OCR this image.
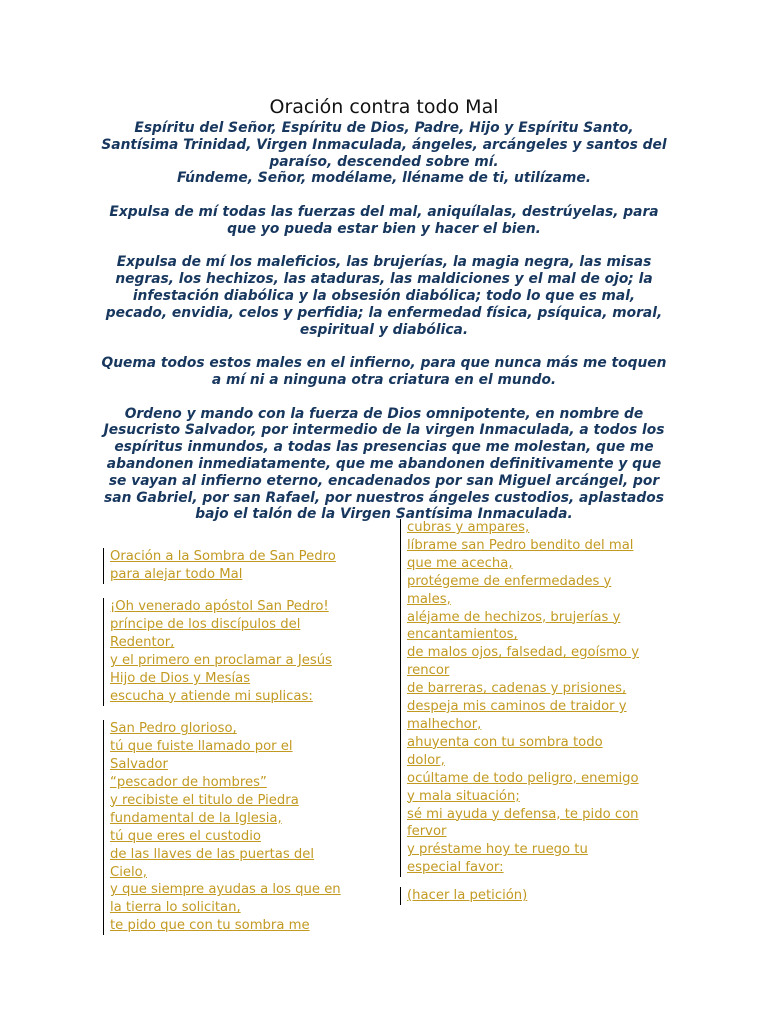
Oración contra todo Mal

Espíritu del Señor, Espíritu de Dios, Padre, Hijo y Espíritu Santo, Santísima Trinidad, Virgen Inmaculada, ángeles, arcángeles y santos del paraíso, descended sobre mí.
Fúndeme, Señor, modélame, lléname de ti, utilízame.

Expulsa de mí todas las fuerzas del mal, aniquílalas, destrúyelas, para que yo pueda estar bien y hacer el bien.

Expulsa de mí los maleficios, las brujerías, la magia negra, las misas negras, los hechizos, las ataduras, las maldiciones y el mal de ojo; la infestación diabólica y la obsesión diabólica; todo lo que es mal, pecado, envidia, celos y perfidia; la enfermedad física, psíquica, moral, espiritual y diabólica.

Quema todos estos males en el infierno, para que nunca más me toquen a mí ni a ninguna otra criatura en el mundo.

Ordeno y mando con la fuerza de Dios omnipotente, en nombre de Jesucristo Salvador, por intermedio de la virgen Inmaculada, a todos los espíritus inmundos, a todas las presencias que me molestan, que me abandonen inmediatamente, que me abandonen definitivamente y que se vayan al infierno eterno, encadenados por san Miguel arcángel, por san Gabriel, por san Rafael, por nuestros ángeles custodios, aplastados bajo el talón de la Virgen Santísima Inmaculada.

Oración a la Sombra de San Pedro
para alejar todo Mal
¡Oh venerado apóstol San Pedro!
príncipe de los discípulos del
Redentor,
y el primero en proclamar a Jesús
Hijo de Dios y Mesías
escucha y atiende mi suplicas:
San Pedro glorioso,
tú que fuiste llamado por el
Salvador
“pescador de hombres”
y recibiste el titulo de Piedra
fundamental de la Iglesia,
tú que eres el custodio
de las llaves de las puertas del
Cielo,
y que siempre ayudas a los que en
la tierra lo solicitan,
te pido que con tu sombra me
cubras y ampares,
líbrame san Pedro bendito del mal
que me acecha,
protégeme de enfermedades y
males,
aléjame de hechizos, brujerías y
encantamientos,
de malos ojos, falsedad, egoísmo y
rencor
de barreras, cadenas y prisiones,
despeja mis caminos de traidor y
malhechor,
ahuyenta con tu sombra todo
dolor,
ocúltame de todo peligro, enemigo
y mala situación;
sé mi ayuda y defensa, te pido con
fervor
y préstame hoy te ruego tu
especial favor:
(hacer la petición)
